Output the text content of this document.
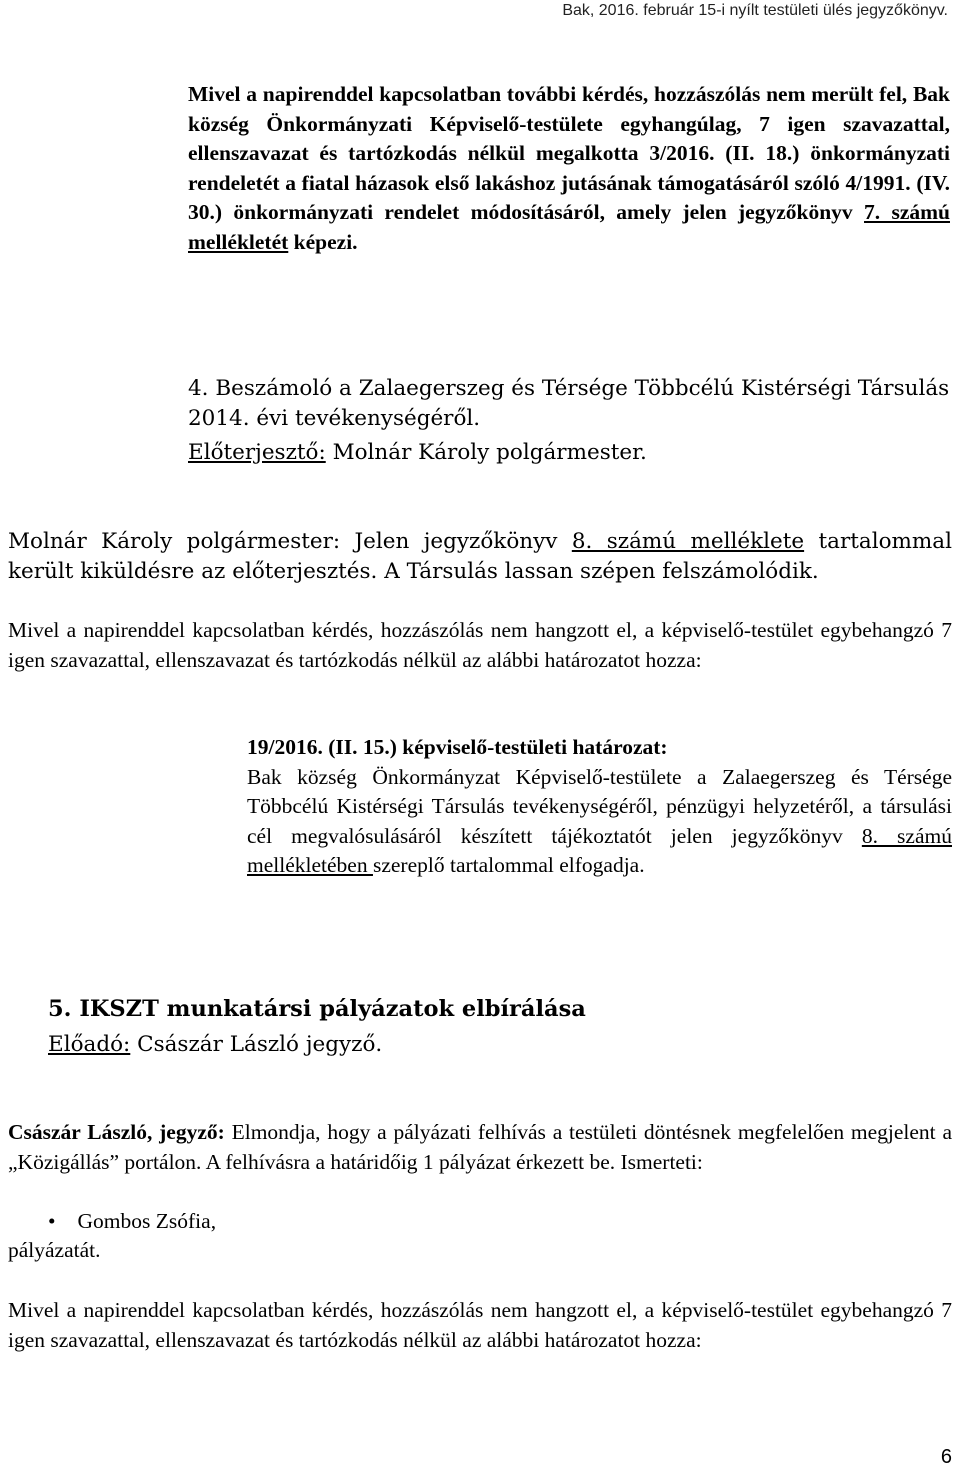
Bak, 2016. február 15-i nyílt testületi ülés jegyzőkönyv.
Mivel a napirenddel kapcsolatban további kérdés, hozzászólás nem merült fel, Bak község Önkormányzati Képviselő-testülete egyhangúlag, 7 igen szavazattal, ellenszavazat és tartózkodás nélkül megalkotta 3/2016. (II. 18.) önkormányzati rendeletét a fiatal házasok első lakáshoz jutásának támogatásáról szóló 4/1991. (IV. 30.) önkormányzati rendelet módosításáról, amely jelen jegyzőkönyv 7. számú mellékletét képezi.
4. Beszámoló a Zalaegerszeg és Térsége Többcélú Kistérségi Társulás 2014. évi tevékenységéről.
Előterjesztő: Molnár Károly polgármester.
Molnár Károly polgármester: Jelen jegyzőkönyv 8. számú melléklete tartalommal került kiküldésre az előterjesztés. A Társulás lassan szépen felszámolódik.
Mivel a napirenddel kapcsolatban kérdés, hozzászólás nem hangzott el, a képviselő-testület egybehangzó 7 igen szavazattal, ellenszavazat és tartózkodás nélkül az alábbi határozatot hozza:
19/2016. (II. 15.) képviselő-testületi határozat:
Bak község Önkormányzat Képviselő-testülete a Zalaegerszeg és Térsége Többcélú Kistérségi Társulás tevékenységéről, pénzügyi helyzetéről, a társulási cél megvalósulásáról készített tájékoztatót jelen jegyzőkönyv 8. számú mellékletében szereplő tartalommal elfogadja.
5. IKSZT munkatársi pályázatok elbírálása
Előadó: Császár László jegyző.
Császár László, jegyző: Elmondja, hogy a pályázati felhívás a testületi döntésnek megfelelően megjelent a „Közigállás” portálon. A felhívásra a határidőig 1 pályázat érkezett be. Ismerteti:
• Gombos Zsófia,
pályázatát.
Mivel a napirenddel kapcsolatban kérdés, hozzászólás nem hangzott el, a képviselő-testület egybehangzó 7 igen szavazattal, ellenszavazat és tartózkodás nélkül az alábbi határozatot hozza:
6
